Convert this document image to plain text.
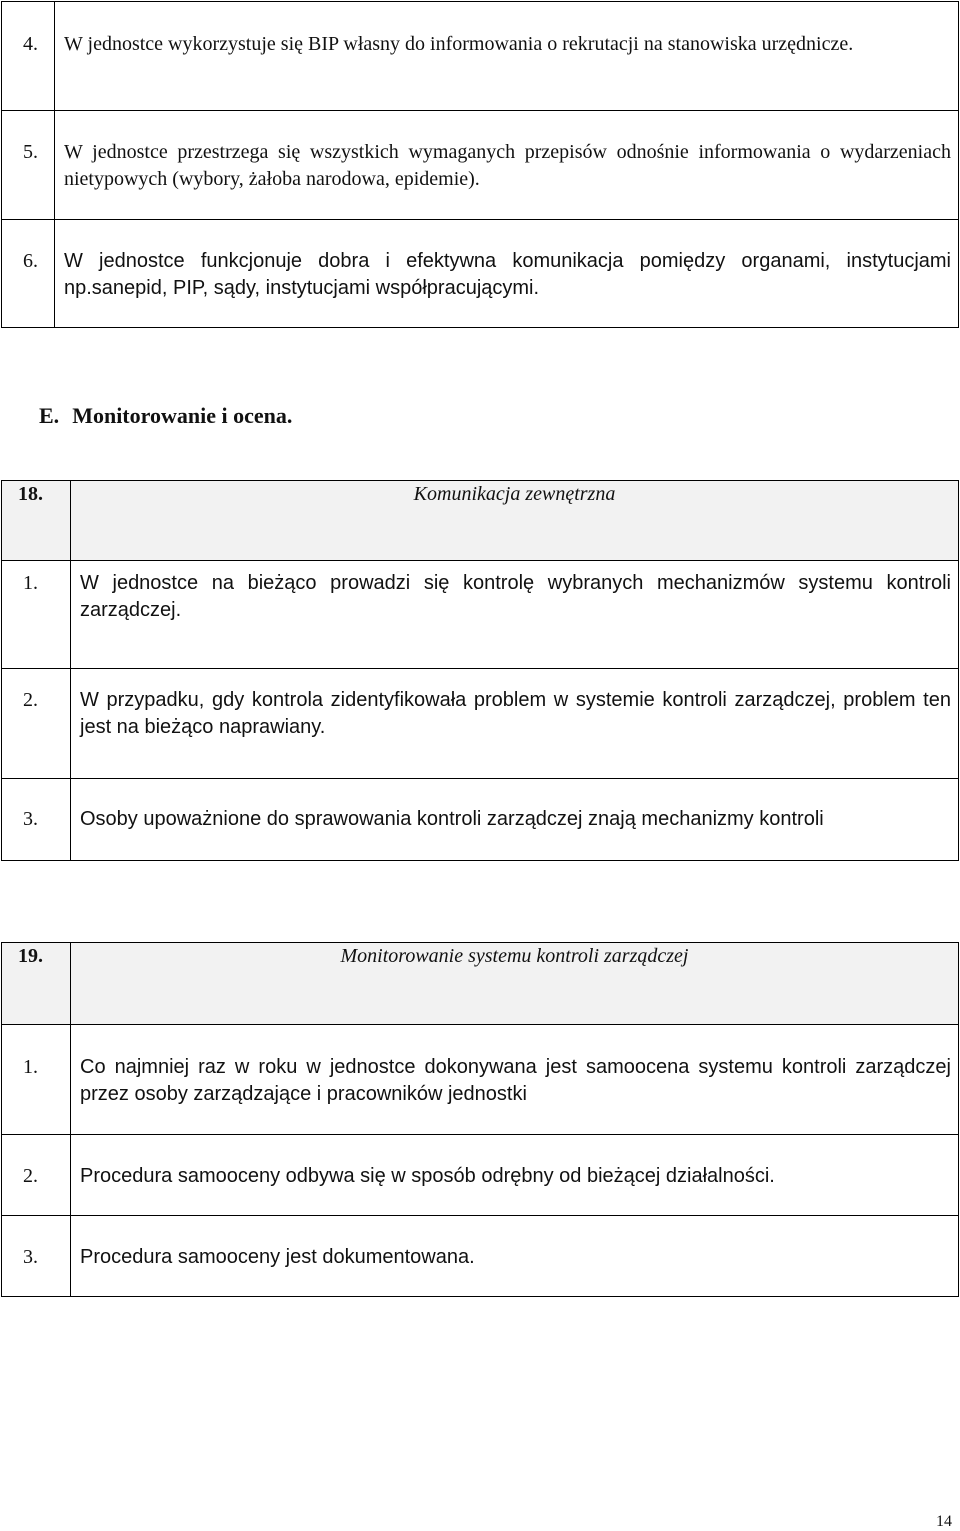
4.	W jednostce wykorzystuje się BIP własny do informowania o rekrutacji na stanowiska urzędnicze.

5.	W jednostce przestrzega się wszystkich wymaganych przepisów odnośnie informowania o wydarzeniach nietypowych (wybory, żałoba narodowa, epidemie).

6.	W jednostce funkcjonuje dobra i efektywna komunikacja pomiędzy organami, instytucjami np.sanepid, PIP, sądy, instytucjami współpracującymi.
E. Monitorowanie i ocena.
18.	Komunikacja zewnętrzna

1.	W jednostce na bieżąco prowadzi się kontrolę wybranych mechanizmów systemu kontroli zarządczej.

2.	W przypadku, gdy kontrola zidentyfikowała problem w systemie kontroli zarządczej, problem ten jest na bieżąco naprawiany.

3.	Osoby upoważnione do sprawowania kontroli zarządczej znają mechanizmy kontroli
19.	Monitorowanie systemu kontroli zarządczej

1.	Co najmniej raz w roku w jednostce dokonywana jest samoocena systemu kontroli zarządczej przez osoby zarządzające i pracowników jednostki

2.	Procedura samooceny odbywa się w sposób odrębny od bieżącej działalności.

3.	Procedura samooceny jest dokumentowana.
14
